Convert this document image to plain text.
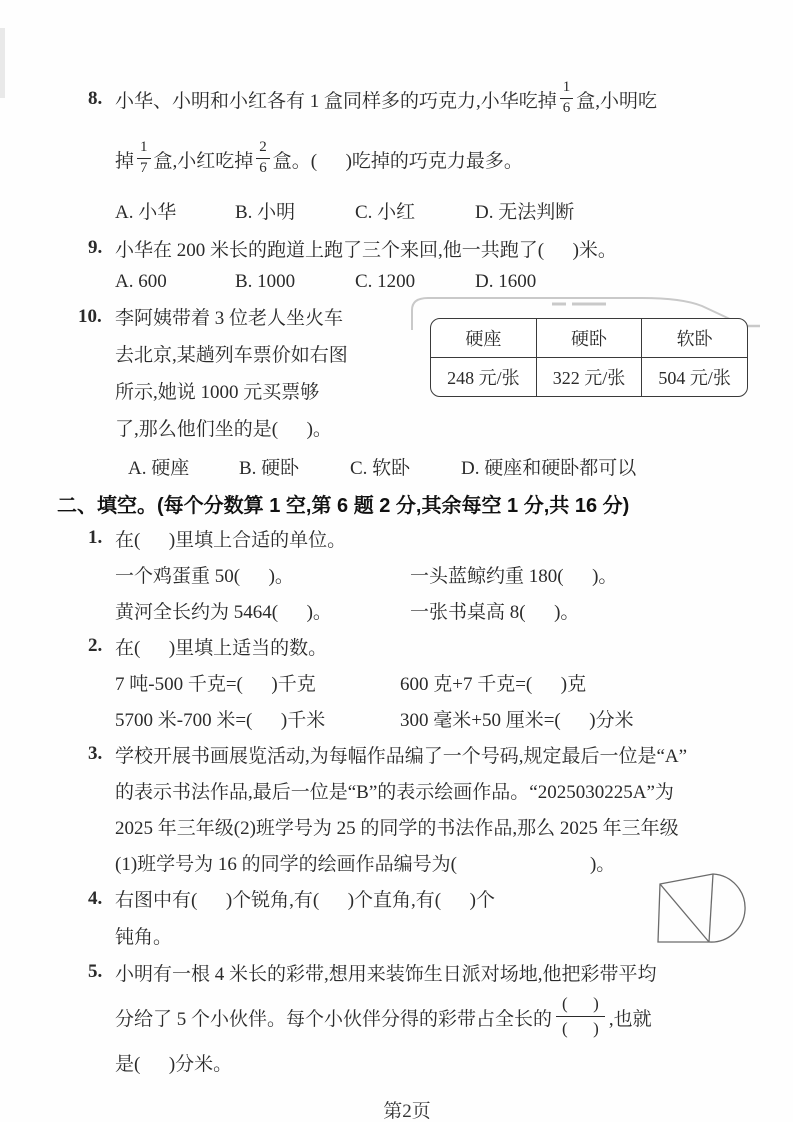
8. 小华、小明和小红各有 1 盒同样多的巧克力,小华吃掉 $\frac{1}{6}$ 盒,小明吃
掉 $\frac{1}{7}$ 盒,小红吃掉 $\frac{2}{6}$ 盒。(      )吃掉的巧克力最多。
A. 小华	B. 小明	C. 小红	D. 无法判断
9. 小华在 200 米长的跑道上跑了三个来回,他一共跑了(      )米。
A. 600	B. 1000	C. 1200	D. 1600
10. 李阿姨带着 3 位老人坐火车
去北京,某趟列车票价如右图
所示,她说 1000 元买票够
了,那么他们坐的是(      )。
硬座	硬卧	软卧
248 元/张	322 元/张	504 元/张
A. 硬座	B. 硬卧	C. 软卧	D. 硬座和硬卧都可以
二、填空。(每个分数算 1 空,第 6 题 2 分,其余每空 1 分,共 16 分)
1. 在(      )里填上合适的单位。
一个鸡蛋重 50(      )。	一头蓝鲸约重 180(      )。
黄河全长约为 5464(      )。	一张书桌高 8(      )。
2. 在(      )里填上适当的数。
7 吨-500 千克=(      )千克	600 克+7 千克=(      )克
5700 米-700 米=(      )千米	300 毫米+50 厘米=(      )分米
3. 学校开展书画展览活动,为每幅作品编了一个号码,规定最后一位是“A”
的表示书法作品,最后一位是“B”的表示绘画作品。“2025030225A”为
2025 年三年级(2)班学号为 25 的同学的书法作品,那么 2025 年三年级
(1)班学号为 16 的同学的绘画作品编号为(                            )。
4. 右图中有(      )个锐角,有(      )个直角,有(      )个
钝角。
5. 小明有一根 4 米长的彩带,想用来装饰生日派对场地,他把彩带平均
分给了 5 个小伙伴。每个小伙伴分得的彩带占全长的 $\frac{( )}{( )}$ ,也就
是(      )分米。
第2页
